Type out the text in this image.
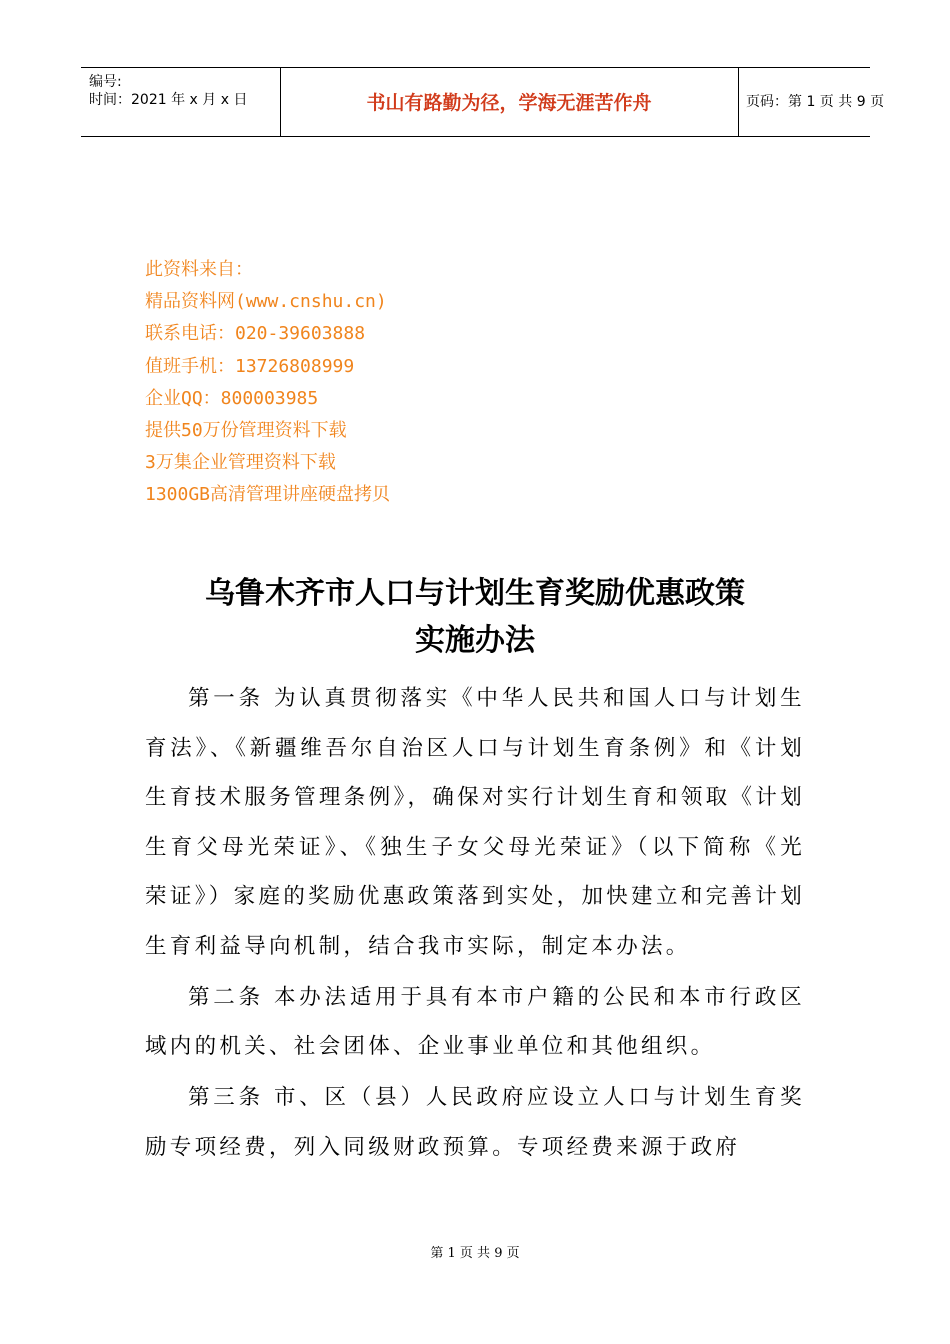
编号:
时间：2021 年 x 月 x 日	书山有路勤为径，学海无涯苦作舟	页码：第 1 页 共 9 页
此资料来自：
精品资料网(www.cnshu.cn)
联系电话：020-39603888
值班手机：13726808999
企业QQ：800003985
提供50万份管理资料下载
3万集企业管理资料下载
1300GB高清管理讲座硬盘拷贝
乌鲁木齐市人口与计划生育奖励优惠政策
实施办法

第一条 为认真贯彻落实《中华人民共和国人口与计划生育法》、《新疆维吾尔自治区人口与计划生育条例》和《计划生育技术服务管理条例》，确保对实行计划生育和领取《计划生育父母光荣证》、《独生子女父母光荣证》（以下简称《光荣证》）家庭的奖励优惠政策落到实处，加快建立和完善计划生育利益导向机制，结合我市实际，制定本办法。

第二条 本办法适用于具有本市户籍的公民和本市行政区域内的机关、社会团体、企业事业单位和其他组织。

第三条 市、区（县）人民政府应设立人口与计划生育奖励专项经费，列入同级财政预算。专项经费来源于政府

第 1 页 共 9 页
